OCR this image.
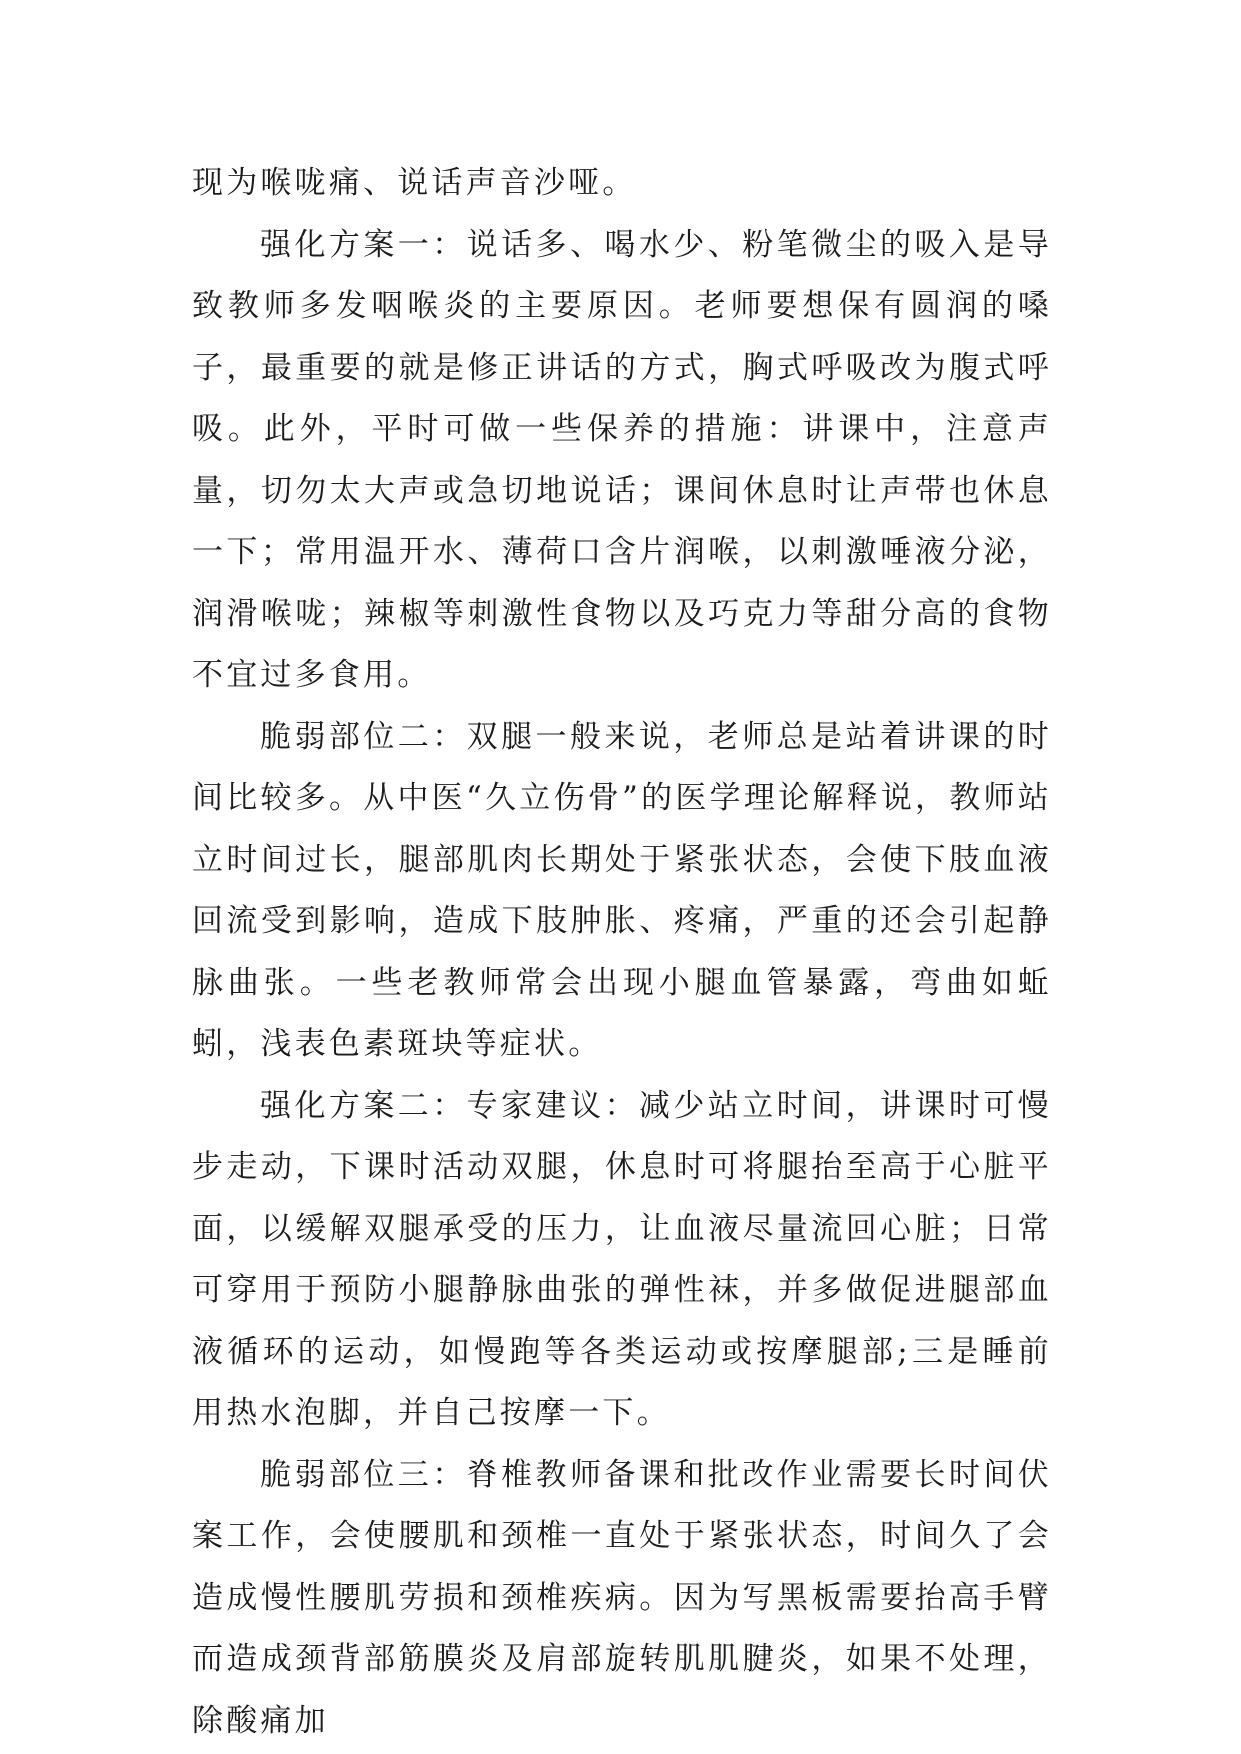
现为喉咙痛、说话声音沙哑。

强化方案一：说话多、喝水少、粉笔微尘的吸入是导致教师多发咽喉炎的主要原因。老师要想保有圆润的嗓子，最重要的就是修正讲话的方式，胸式呼吸改为腹式呼吸。此外，平时可做一些保养的措施：讲课中，注意声量，切勿太大声或急切地说话；课间休息时让声带也休息一下；常用温开水、薄荷口含片润喉，以刺激唾液分泌，润滑喉咙；辣椒等刺激性食物以及巧克力等甜分高的食物不宜过多食用。

脆弱部位二：双腿一般来说，老师总是站着讲课的时间比较多。从中医“久立伤骨”的医学理论解释说，教师站立时间过长，腿部肌肉长期处于紧张状态，会使下肢血液回流受到影响，造成下肢肿胀、疼痛，严重的还会引起静脉曲张。一些老教师常会出现小腿血管暴露，弯曲如蚯蚓，浅表色素斑块等症状。

强化方案二：专家建议：减少站立时间，讲课时可慢步走动，下课时活动双腿，休息时可将腿抬至高于心脏平面，以缓解双腿承受的压力，让血液尽量流回心脏；日常可穿用于预防小腿静脉曲张的弹性袜，并多做促进腿部血液循环的运动，如慢跑等各类运动或按摩腿部;三是睡前用热水泡脚，并自己按摩一下。

脆弱部位三：脊椎教师备课和批改作业需要长时间伏案工作，会使腰肌和颈椎一直处于紧张状态，时间久了会造成慢性腰肌劳损和颈椎疾病。因为写黑板需要抬高手臂而造成颈背部筋膜炎及肩部旋转肌肌腱炎，如果不处理，除酸痛加
